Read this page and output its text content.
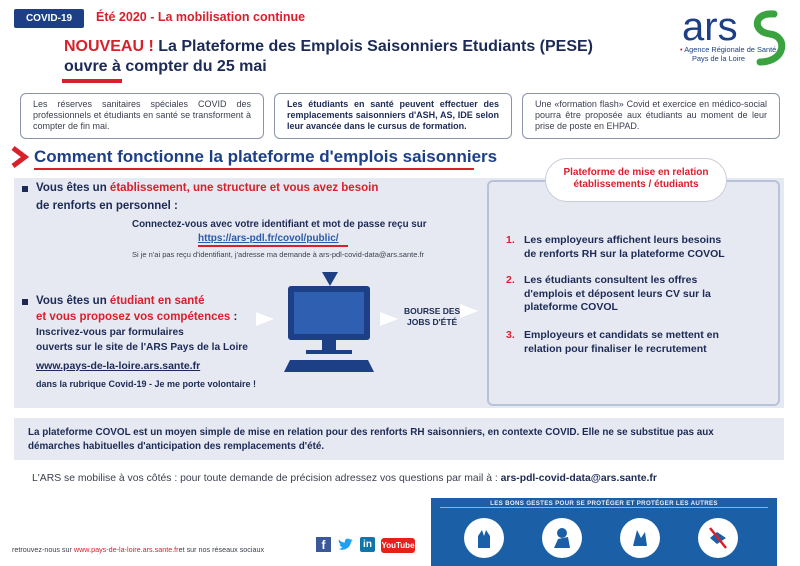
COVID-19	Été 2020 - La mobilisation continue
NOUVEAU ! La Plateforme des Emplois Saisonniers Etudiants (PESE)
ouvre à compter du 25 mai
ars
• Agence Régionale de Santé
Pays de la Loire
Les réserves sanitaires spéciales COVID des professionnels et étudiants en santé se transforment à compter de fin mai.
Les étudiants en santé peuvent effectuer des remplacements saisonniers d'ASH, AS, IDE selon leur avancée dans le cursus de formation.
Une «formation flash» Covid et exercice en médico-social pourra être proposée aux étudiants au moment de leur prise de poste en EHPAD.
Comment fonctionne la plateforme d'emplois saisonniers
Plateforme de mise en relation
établissements / étudiants
Vous êtes un établissement, une structure et vous avez besoin
de renforts en personnel :
Connectez-vous avec votre identifiant et mot de passe reçu sur
https://ars-pdl.fr/covol/public/
Si je n'ai pas reçu d'identifiant, j'adresse ma demande à ars-pdl-covid-data@ars.sante.fr
Vous êtes un étudiant en santé
et vous proposez vos compétences :
Inscrivez-vous par formulaires
ouverts sur le site de l'ARS Pays de la Loire
www.pays-de-la-loire.ars.sante.fr
dans la rubrique Covid-19 - Je me porte volontaire !
BOURSE DES
JOBS D'ÉTÉ
1. Les employeurs affichent leurs besoins
de renforts RH sur la plateforme COVOL
2. Les étudiants consultent les offres
d'emplois et déposent leurs CV sur la
plateforme COVOL
3. Employeurs et candidats se mettent en
relation pour finaliser le recrutement
La plateforme COVOL est un moyen simple de mise en relation pour des renforts RH saisonniers, en contexte COVID. Elle ne se substitue pas aux
démarches habituelles d'anticipation des remplacements d'été.
L'ARS se mobilise à vos côtés : pour toute demande de précision adressez vos questions par mail à : ars-pdl-covid-data@ars.sante.fr
retrouvez-nous sur www.pays-de-la-loire.ars.sante.fret sur nos réseaux sociaux	f	in	YouTube
LES BONS GESTES POUR SE PROTÉGER ET PROTÉGER LES AUTRES
